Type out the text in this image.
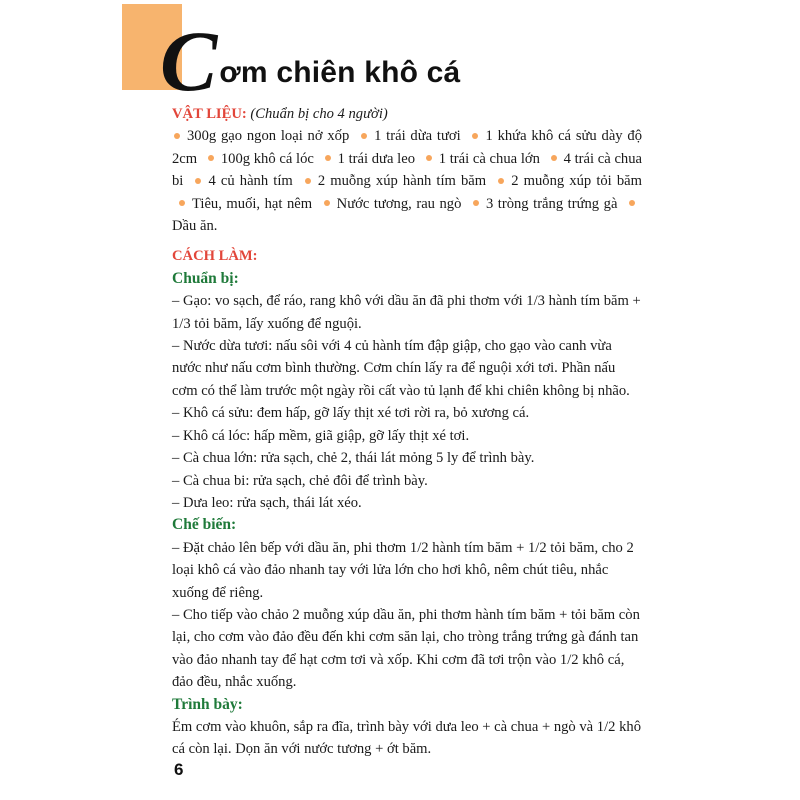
C ơm chiên khô cá
VẬT LIỆU: (Chuẩn bị cho 4 người)
300g gạo ngon loại nở xốp 1 trái dừa tươi 1 khứa khô cá sửu dày độ 2cm 100g khô cá lóc 1 trái dưa leo 1 trái cà chua lớn 4 trái cà chua bi 4 củ hành tím 2 muỗng xúp hành tím băm 2 muỗng xúp tỏi băm Tiêu, muối, hạt nêm Nước tương, rau ngò 3 tròng trắng trứng gà Dầu ăn.
CÁCH LÀM:
Chuẩn bị:

– Gạo: vo sạch, để ráo, rang khô với dầu ăn đã phi thơm với 1/3 hành tím băm + 1/3 tỏi băm, lấy xuống để nguội.

– Nước dừa tươi: nấu sôi với 4 củ hành tím đập giập, cho gạo vào canh vừa nước như nấu cơm bình thường. Cơm chín lấy ra để nguội xới tơi. Phần nấu cơm có thể làm trước một ngày rồi cất vào tủ lạnh để khi chiên không bị nhão.

– Khô cá sửu: đem hấp, gỡ lấy thịt xé tơi rời ra, bỏ xương cá.

– Khô cá lóc: hấp mềm, giã giập, gỡ lấy thịt xé tơi.

– Cà chua lớn: rửa sạch, chẻ 2, thái lát mỏng 5 ly để trình bày.

– Cà chua bi: rửa sạch, chẻ đôi để trình bày.

– Dưa leo: rửa sạch, thái lát xéo.

Chế biến:

– Đặt chảo lên bếp với dầu ăn, phi thơm 1/2 hành tím băm + 1/2 tỏi băm, cho 2 loại khô cá vào đảo nhanh tay với lửa lớn cho hơi khô, nêm chút tiêu, nhắc xuống để riêng.

– Cho tiếp vào chảo 2 muỗng xúp dầu ăn, phi thơm hành tím băm + tỏi băm còn lại, cho cơm vào đảo đều đến khi cơm săn lại, cho tròng trắng trứng gà đánh tan vào đảo nhanh tay để hạt cơm tơi và xốp. Khi cơm đã tơi trộn vào 1/2 khô cá, đảo đều, nhắc xuống.

Trình bày:

Ém cơm vào khuôn, sắp ra đĩa, trình bày với dưa leo + cà chua + ngò và 1/2 khô cá còn lại. Dọn ăn với nước tương + ớt băm.

6
